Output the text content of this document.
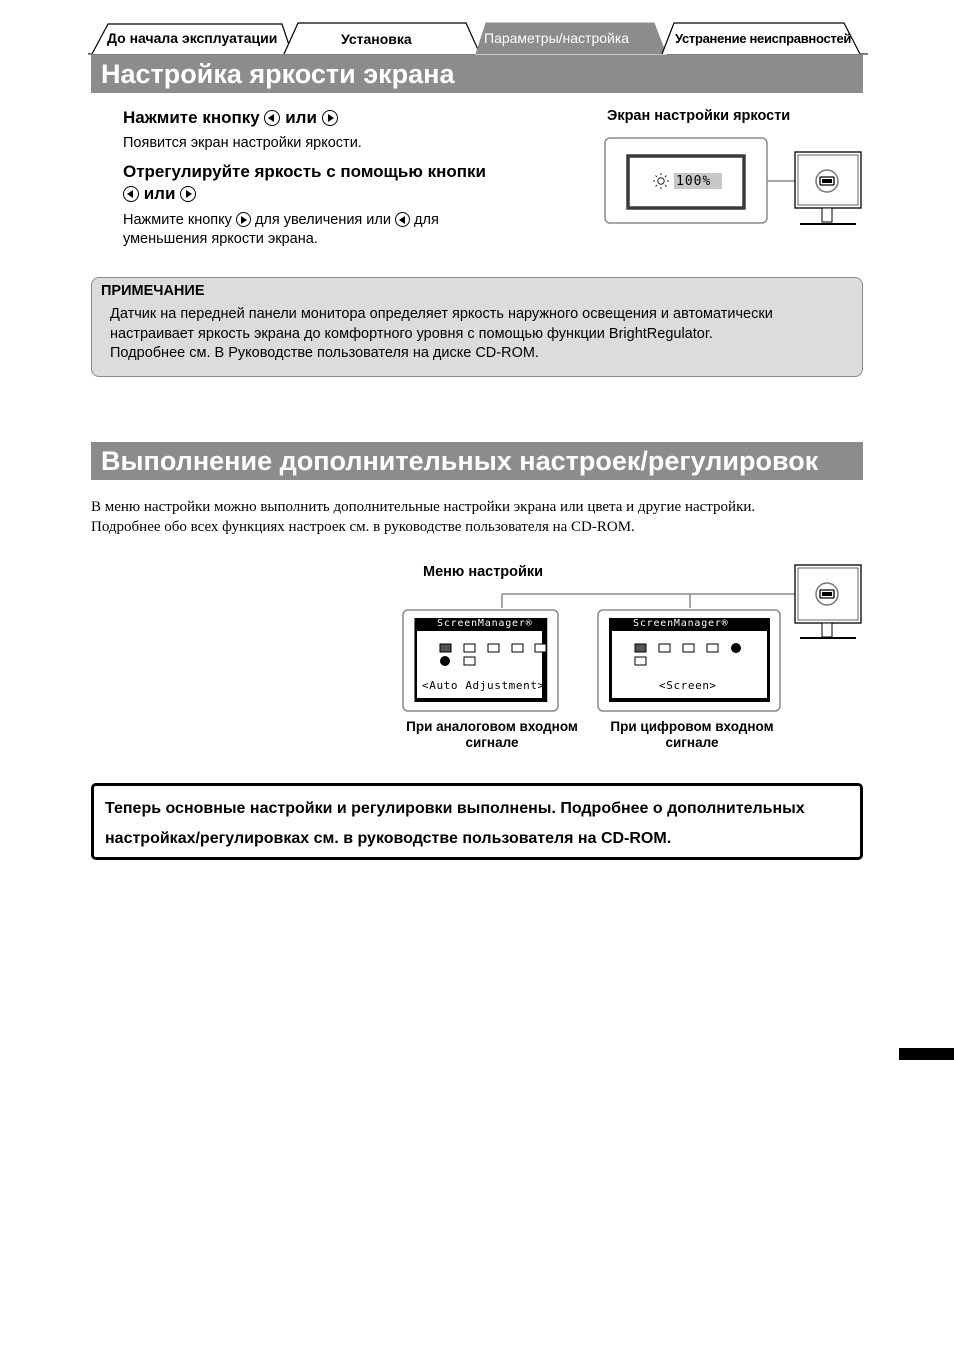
До начала эксплуатации	Установка	Параметры/настройка	Устранение неисправностей
Настройка яркости экрана
Нажмите кнопку или
Появится экран настройки яркости.
Отрегулируйте яркость с помощью кнопки
или
Нажмите кнопку для увеличения или для
уменьшения яркости экрана.
Экран настройки яркости
100%
ПРИМЕЧАНИЕ
Датчик на передней панели монитора определяет яркость наружного освещения и автоматически
настраивает яркость экрана до комфортного уровня с помощью функции BrightRegulator.
Подробнее см. В Руководстве пользователя на диске CD-ROM.
Выполнение дополнительных настроек/регулировок
В меню настройки можно выполнить дополнительные настройки экрана или цвета и другие настройки.
Подробнее обо всех функциях настроек см. в руководстве пользователя на CD-ROM.
Меню настройки
ScreenManager®
<Auto Adjustment>
ScreenManager®
<Screen>
При аналоговом входном
сигнале
При цифровом входном
сигнале
Теперь основные настройки и регулировки выполнены. Подробнее о дополнительных
настройках/регулировках см. в руководстве пользователя на CD-ROM.
